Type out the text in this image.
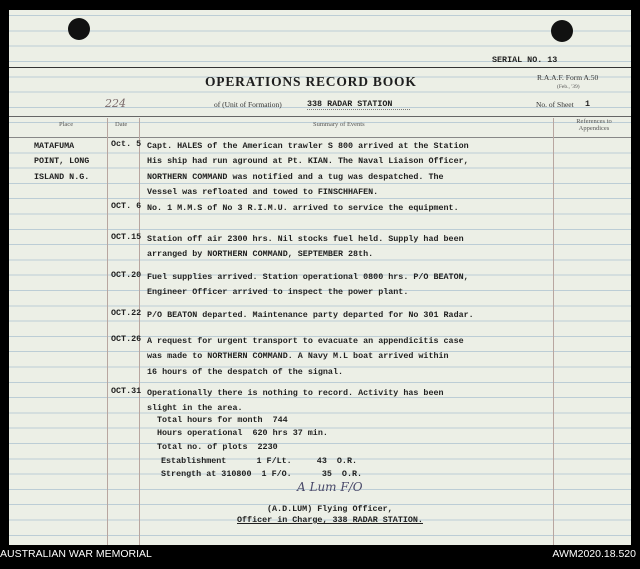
SERIAL NO. 13
OPERATIONS RECORD BOOK	R.A.A.F. Form A.50
(Feb., '39)
224	of (Unit of Formation)	338 RADAR STATION	No. of Sheet 1
Place	Date	Summary of Events	References to Appendices
MATAFUMA
POINT, LONG
ISLAND N.G.
Oct. 5 Capt. HALES of the American trawler S 800 arrived at the Station
His ship had run aground at Pt. KIAN. The Naval Liaison Officer,
NORTHERN COMMAND was notified and a tug was despatched. The
Vessel was refloated and towed to FINSCHHAFEN.
OCT. 6 No. 1 M.M.S of No 3 R.I.M.U. arrived to service the equipment.
OCT.15 Station off air 2300 hrs. Nil stocks fuel held. Supply had been
arranged by NORTHERN COMMAND, SEPTEMBER 28th.
OCT.20 Fuel supplies arrived. Station operational 0800 hrs. P/O BEATON,
Engineer Officer arrived to inspect the power plant.
OCT.22 P/O BEATON departed. Maintenance party departed for No 301 Radar.
OCT.26 A request for urgent transport to evacuate an appendicitis case
was made to NORTHERN COMMAND. A Navy M.L boat arrived within
16 hours of the despatch of the signal.
OCT.31 Operationally there is nothing to record. Activity has been
slight in the area.
Total hours for month  744
Hours operational  620 hrs 37 min.
Total no. of plots  2230
Establishment      1 F/Lt.     43  O.R.
Strength at 310800  1 F/O.      35  O.R.
A Lum F/O
(A.D.LUM) Flying Officer,
Officer in Charge, 338 RADAR STATION.
AUSTRALIAN WAR MEMORIAL	AWM2020.18.520
